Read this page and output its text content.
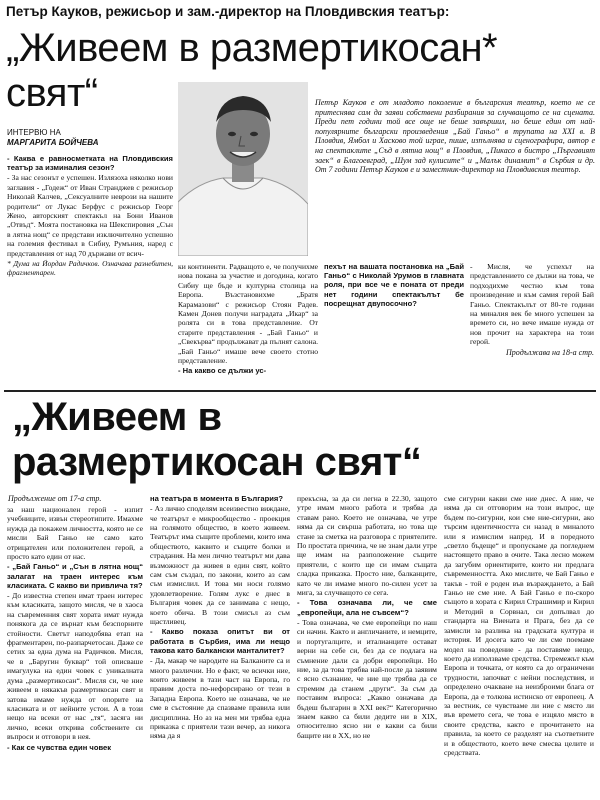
Петър Кауков, режисьор и зам.-директор на Пловдивския театър:
„Живеем в размертикосан*
свят“
ИНТЕРВЮ НА
МАРГАРИТА БОЙЧЕВА
Петър Кауков е от младото поколение в българския театър, което не се притеснява сам да заяви собствени разбирания за случващото се на сцената. Преди пет години той все още не беше завършил, но беше един от най-популярните български произведения „Бай Ганьо“ в трупата на ХХІ в. В Пловдив, Ямбол и Хасково той играе, пише, изпълнява и сценографира, автор е на спектаклите „Съд в лятна нощ“ в Пловдив, „Пикасо в бистро „Пъргавият заек“ в Благоевград, „Шум зад кулисите“ и „Малък динамит“ в Сърбия и др. От 7 години Петър Кауков е и заместник-директор на Пловдивския театър.

- Каква е равносметката на Пловдивския театър за изминалия сезон?

- За нас сезонът е успешен. Излязоха няколко нови заглавия - „Годеж“ от Иван Странджев с режисьор Николай Калчев, „Сексуалните неврози на нашите родители“ от Лукас Берфус с режисьор Георг Жено, авторският спектакъл на Бони Иванов „Отвъд“. Моята постановка на Шекспировия „Сън в лятна нощ“ се представи изключително успешно на големия фестивал в Сибиу, Румъния, наред с представления от над 70 държави от всич-

* Дума на Йордан Радичков. Означава разнебитен, фрагментарен.

ки континенти. Радващото е, че получихме нова покана за участие и догодина, когато Сибиу ще бъде и културна столица на Европа. Възстановихме „Братя Карамазови“ с режисьор Стоян Радев. Камен Донев получи наградата „Икар“ за ролята си в това представление. От старите представления - „Бай Ганьо“ и „Свекърва“ продължават да пълнят салона. „Бай Ганьо“ имаше вече своето стотно представление.

- На какво се дължи ус-

пехът на вашата постановка на „Бай Ганьо“ с Николай Урумов в главната роля, при все че е поната от преди нет години спектакълът бе посрещнат двупосочно?

- Мисля, че успехът на представлението се дължи на това, че подходихме честно към това произведение и към самия герой Бай Ганьо. Спектакълът от 80-те години на миналия век бе много успешен за времето си, но вече имаше нужда от нов прочит на характера на този герой.

Продължава на 18-а стр.

„Живеем в
размертикосан свят“
Продължение от 17-а стр.

за наш национален герой - изпит учебниците, извън стереотипите. Имахме нужда да покажем личността, която не се мисли Бай Ганьо не само като отрицателен или положителен герой, а просто като един от нас.

- „Бай Ганьо“ и „Сън в лятна нощ“ залагат на траен интерес към класиката. С какво ви привлича тя?

- До известна степен имат траен интерес към класиката, защото мисля, че в хаоса на съвременния свят хората имат нужда понякога да се върнат към безспорните стойности. Светът наподобява етап на фрагментарен, по-разпарчетосан. Даже се сетих за една дума на Радичков. Мисля, че в „Баругин буквар“ той описваше имагулука на един човек с уникалната дума „размертикосан“. Мисля си, че ние живеем в някакъв размертикосан свят и затова имаме нужда от опорите на класиката и от нейните устои. А в този нещо на всеки от нас „тя“, засяга ни лично, всеки открива собствените си въпроси и отговори в нея.

- Как се чувства един човек

на театъра в момента в България?

- Аз лично споделям всеизвестно виждане, че театърът е микрообщество - проекция на голямото общество, в което живеем. Театърът има същите проблеми, които има обществото, каквито и същите болки и страдания. На мен лично театърът ми дава възможност да живея в един свят, който сам съм създал, по закони, които аз сам съм измислил. И това ми носи голямо удовлетворение. Голям лукс е днес в България човек да се занимава с нещо, което обича. В този смисъл аз съм щастливец.

- Какво показа опитът ви от работата в Сърбия, има ли нещо такова като балкански манталитет?

- Да, макар че народите на Балканите са и много различни. Но е факт, че всички ние, които живеем в тази част на Европа, го правим доста по-нефорсирано от тези в Западна Европа. Което не означава, че не сме в състояние да спазваме правила или дисциплина. Но аз на мен ми трябва една приказка с приятели тази вечер, аз никога няма да я

прекъсна, за да си легна в 22.30, защото утре имам много работа и трябва да ставам рано. Което не означава, че утре няма да си свърша работата, но това ще стане за сметка на разговора с приятелите. По простата причина, че не знам дали утре ще имам на разположение същите приятели, с които ще си имам същата сладка приказка. Просто ние, балканците, като че ли имаме много по-силен усет за мига, за случващото се сега.

- Това означава ли, че сме „европейци, ала не съвсем“?

- Това означава, че сме европейци по наш си начин. Както и англичаните, и немците, и португалците, и италианците остават верни на себе си, без да се подлага на съмнение дали са добри европейци. Но ние, за да това трябва най-после да заявим с ясно съзнание, че ние ще трябва да се стремим да станем „други“. За съм да поставим въпроса: „Какво означава да бъдеш българин в XXI век?“ Категорично знаем какво са били дедите ни в XIX, относително ясно ни е какви са били бащите ни в ХХ, но не

сме сигурни какви сме ние днес. А ние, че няма да си отговорим на този въпрос, ще бъдем по-сигурни, кои сме ние-сигурни, ако търсим идентичността си назад в миналото или я измислим напред. И в поредното „светло бъдеще“ и пропускаме да погледнем настоящето право в очите. Така лесно можем да загубим ориентирите, които ни предлага съвременността. Ако мислите, че Бай Ганьо е такъв - той е роден във възраждането, а Бай Ганьо не сме ние. А Бай Ганьо е по-скоро същото в хората с Кирил Страшимир и Кирил и Методий в Сорвнал, си допълвал до стандарта на Виената и Прага, без да се замисли за разлика на градската култура и история. И досега като че ли сме поемаме модел на поведение - да поставяме нещо, което да използваме средства. Стремежът към Европа и точката, от която са до ограничени трудности, започват с нейни последствия, и определено очакване на неизброими блага от Европа, да е толкова истинско от европеец. А за вестник, се чувстваме ли ние с място ли във времето сега, че това е изцяло място в своите средства, както е прочитането на правила, за което се разделят на съответните и в обществото, което вече смесва целите и средствата.
